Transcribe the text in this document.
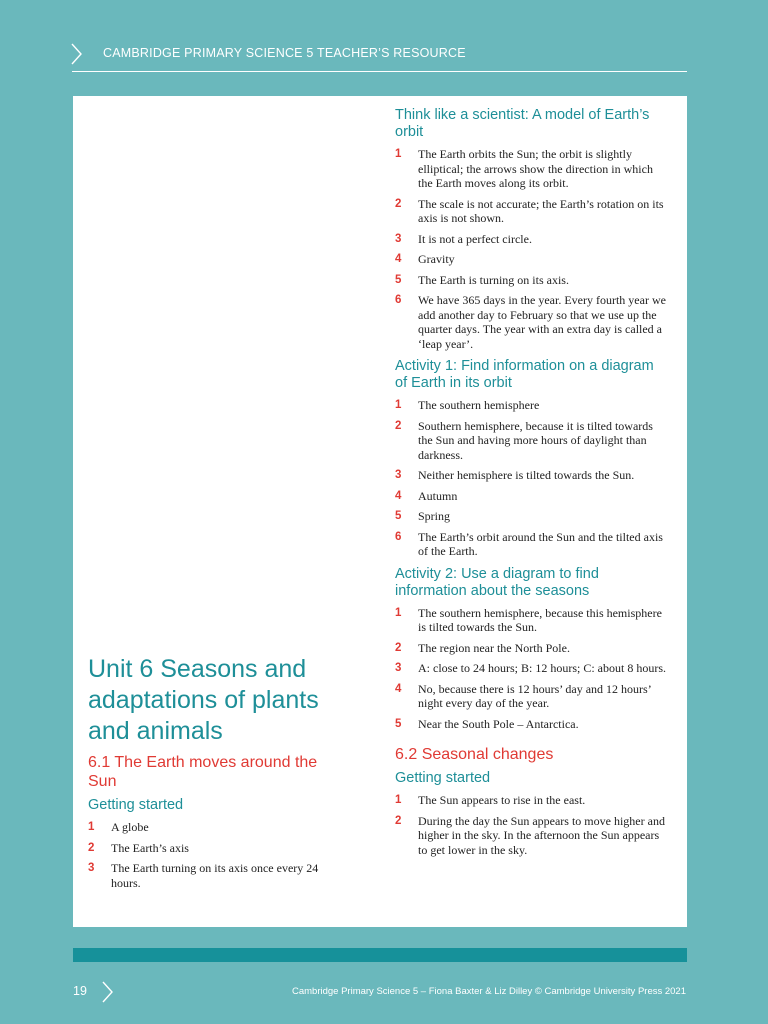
CAMBRIDGE PRIMARY SCIENCE 5 TEACHER’S RESOURCE
Unit 6 Seasons and adaptations of plants and animals
6.1 The Earth moves around the Sun
Getting started
1 A globe
2 The Earth’s axis
3 The Earth turning on its axis once every 24 hours.
Think like a scientist: A model of Earth’s orbit
1 The Earth orbits the Sun; the orbit is slightly elliptical; the arrows show the direction in which the Earth moves along its orbit.
2 The scale is not accurate; the Earth’s rotation on its axis is not shown.
3 It is not a perfect circle.
4 Gravity
5 The Earth is turning on its axis.
6 We have 365 days in the year. Every fourth year we add another day to February so that we use up the quarter days. The year with an extra day is called a ‘leap year’.
Activity 1: Find information on a diagram of Earth in its orbit
1 The southern hemisphere
2 Southern hemisphere, because it is tilted towards the Sun and having more hours of daylight than darkness.
3 Neither hemisphere is tilted towards the Sun.
4 Autumn
5 Spring
6 The Earth’s orbit around the Sun and the tilted axis of the Earth.
Activity 2: Use a diagram to find information about the seasons
1 The southern hemisphere, because this hemisphere is tilted towards the Sun.
2 The region near the North Pole.
3 A: close to 24 hours; B: 12 hours; C: about 8 hours.
4 No, because there is 12 hours’ day and 12 hours’ night every day of the year.
5 Near the South Pole – Antarctica.
6.2 Seasonal changes
Getting started
1 The Sun appears to rise in the east.
2 During the day the Sun appears to move higher and higher in the sky. In the afternoon the Sun appears to get lower in the sky.
19	Cambridge Primary Science 5 – Fiona Baxter & Liz Dilley © Cambridge University Press 2021
